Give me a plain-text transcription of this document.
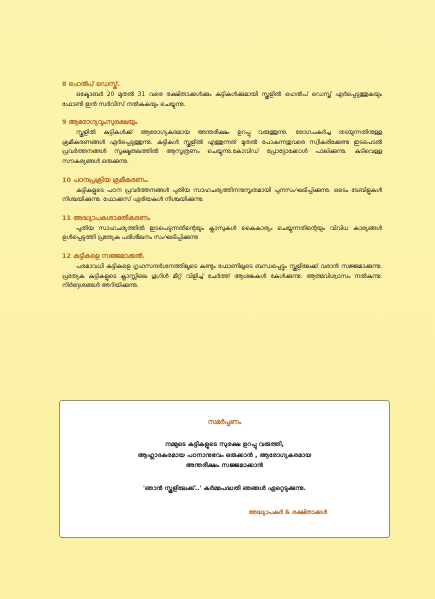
8 ഹെൽപ് ഡെസ്ക്.
ഒക്ടോബർ 20 മുതൽ 31 വരെ രക്ഷിതാക്കൾക്കും കുട്ടികൾക്കുമായി സ്കൂളിൽ ഹെൽപ് ഡെസ്ക് ഏർപ്പെടുത്തുകയും ഫോൺ ഇൻ സർവീസ് നൽകുകയും ചെയ്യുന്നു.
9 ആരോഗ്യവുംസുരക്ഷയും
സ്കൂളിൽ കുട്ടികൾക്ക് ആരോഗ്യകരമായ അന്തരീക്ഷം ഉറപ്പു വരുത്തുന്നു. രോഗപകർച്ച തടയുന്നതിനുള്ള ക്രമീകരണങ്ങൾ ഏർപ്പെടുത്തുന്നു. കുട്ടികൾ സ്കൂളിൽ എത്തുന്നത് മുതൽ പോകുന്നതുവരെ സ്വീകരിക്കേണ്ട ഇടപെടൽ പ്രവർത്തനങ്ങൾ സൂക്ഷ്മതലത്തിൽ ആസൂത്രണം ചെയ്യുന്നു.കോവിഡ് പ്രോട്ടോക്കോൾ പാലിക്കുന്നു. കുടിവെള്ള സൗകര്യങ്ങൾ ഒരുക്കുന്നു.
10 പഠനപ്രക്രിയ ക്രമീകരണം.
കുട്ടികളുടെ പഠന പ്രവർത്തനങ്ങൾ പുതിയ സാഹചര്യത്തിനനുസൃതമായി പുനസംഘടിപ്പിക്കുന്നു. ടൈം ടേബിളുകൾ നിശ്ചയിക്കുന്നു. ഫോക്കസ് ഏരിയകൾ നിശ്ചയിക്കുന്നു.
11 അദ്ധ്യാപകശാക്തീകരണം
പുതിയ സാഹചര്യത്തിൽ ഇടപെടുന്നതിന്റെയും ക്ലാസുകൾ കൈകാര്യം ചെയ്യുന്നതിന്റെയും വിവിധ കാര്യങ്ങൾ ഉൾപ്പെടുത്തി പ്രത്യേക പരിശീലനം സംഘടിപ്പിക്കുന്നു
12 കുട്ടികളെ സജ്ജമാക്കൽ.
പരമാവധി കുട്ടികളെ ഗൃഹസന്ദർശനത്തിലൂടെ കണ്ടും ഫോണിലൂടെ ബന്ധപ്പെട്ടും സ്കൂളിലേക്ക് വരാൻ സജ്ജമാക്കുന്നു. പ്രത്യേക കുട്ടികളുടെ ക്ലാസ്സിലെ ഗൂഗിൾ മീറ്റ് വിളിച്ച് ചേർത്ത് ആശങ്കകൾ കേൾക്കുന്നു. ആത്മവിശ്വാസം നൽകുന്നു. നിർദ്ദേശങ്ങൾ അറിയിക്കുന്നു.
സമർപ്പണം
നമ്മുടെ കുട്ടികളുടെ സുരക്ഷ ഉറപ്പു വരുത്തി,
ആഹ്ലാദകരമായ പഠനാനുഭവം ഒരുക്കാൻ , ആരോഗ്യകരമായ
അന്തരീക്ഷം സജ്ജമാക്കാൻ
'ഞാൻ സ്കൂളിലേക്ക്..' കർമ്മപദ്ധതി ഞങ്ങൾ ഏറ്റെടുക്കുന്നു.
അദ്ധ്യാപകർ & രക്ഷിതാക്കൾ
